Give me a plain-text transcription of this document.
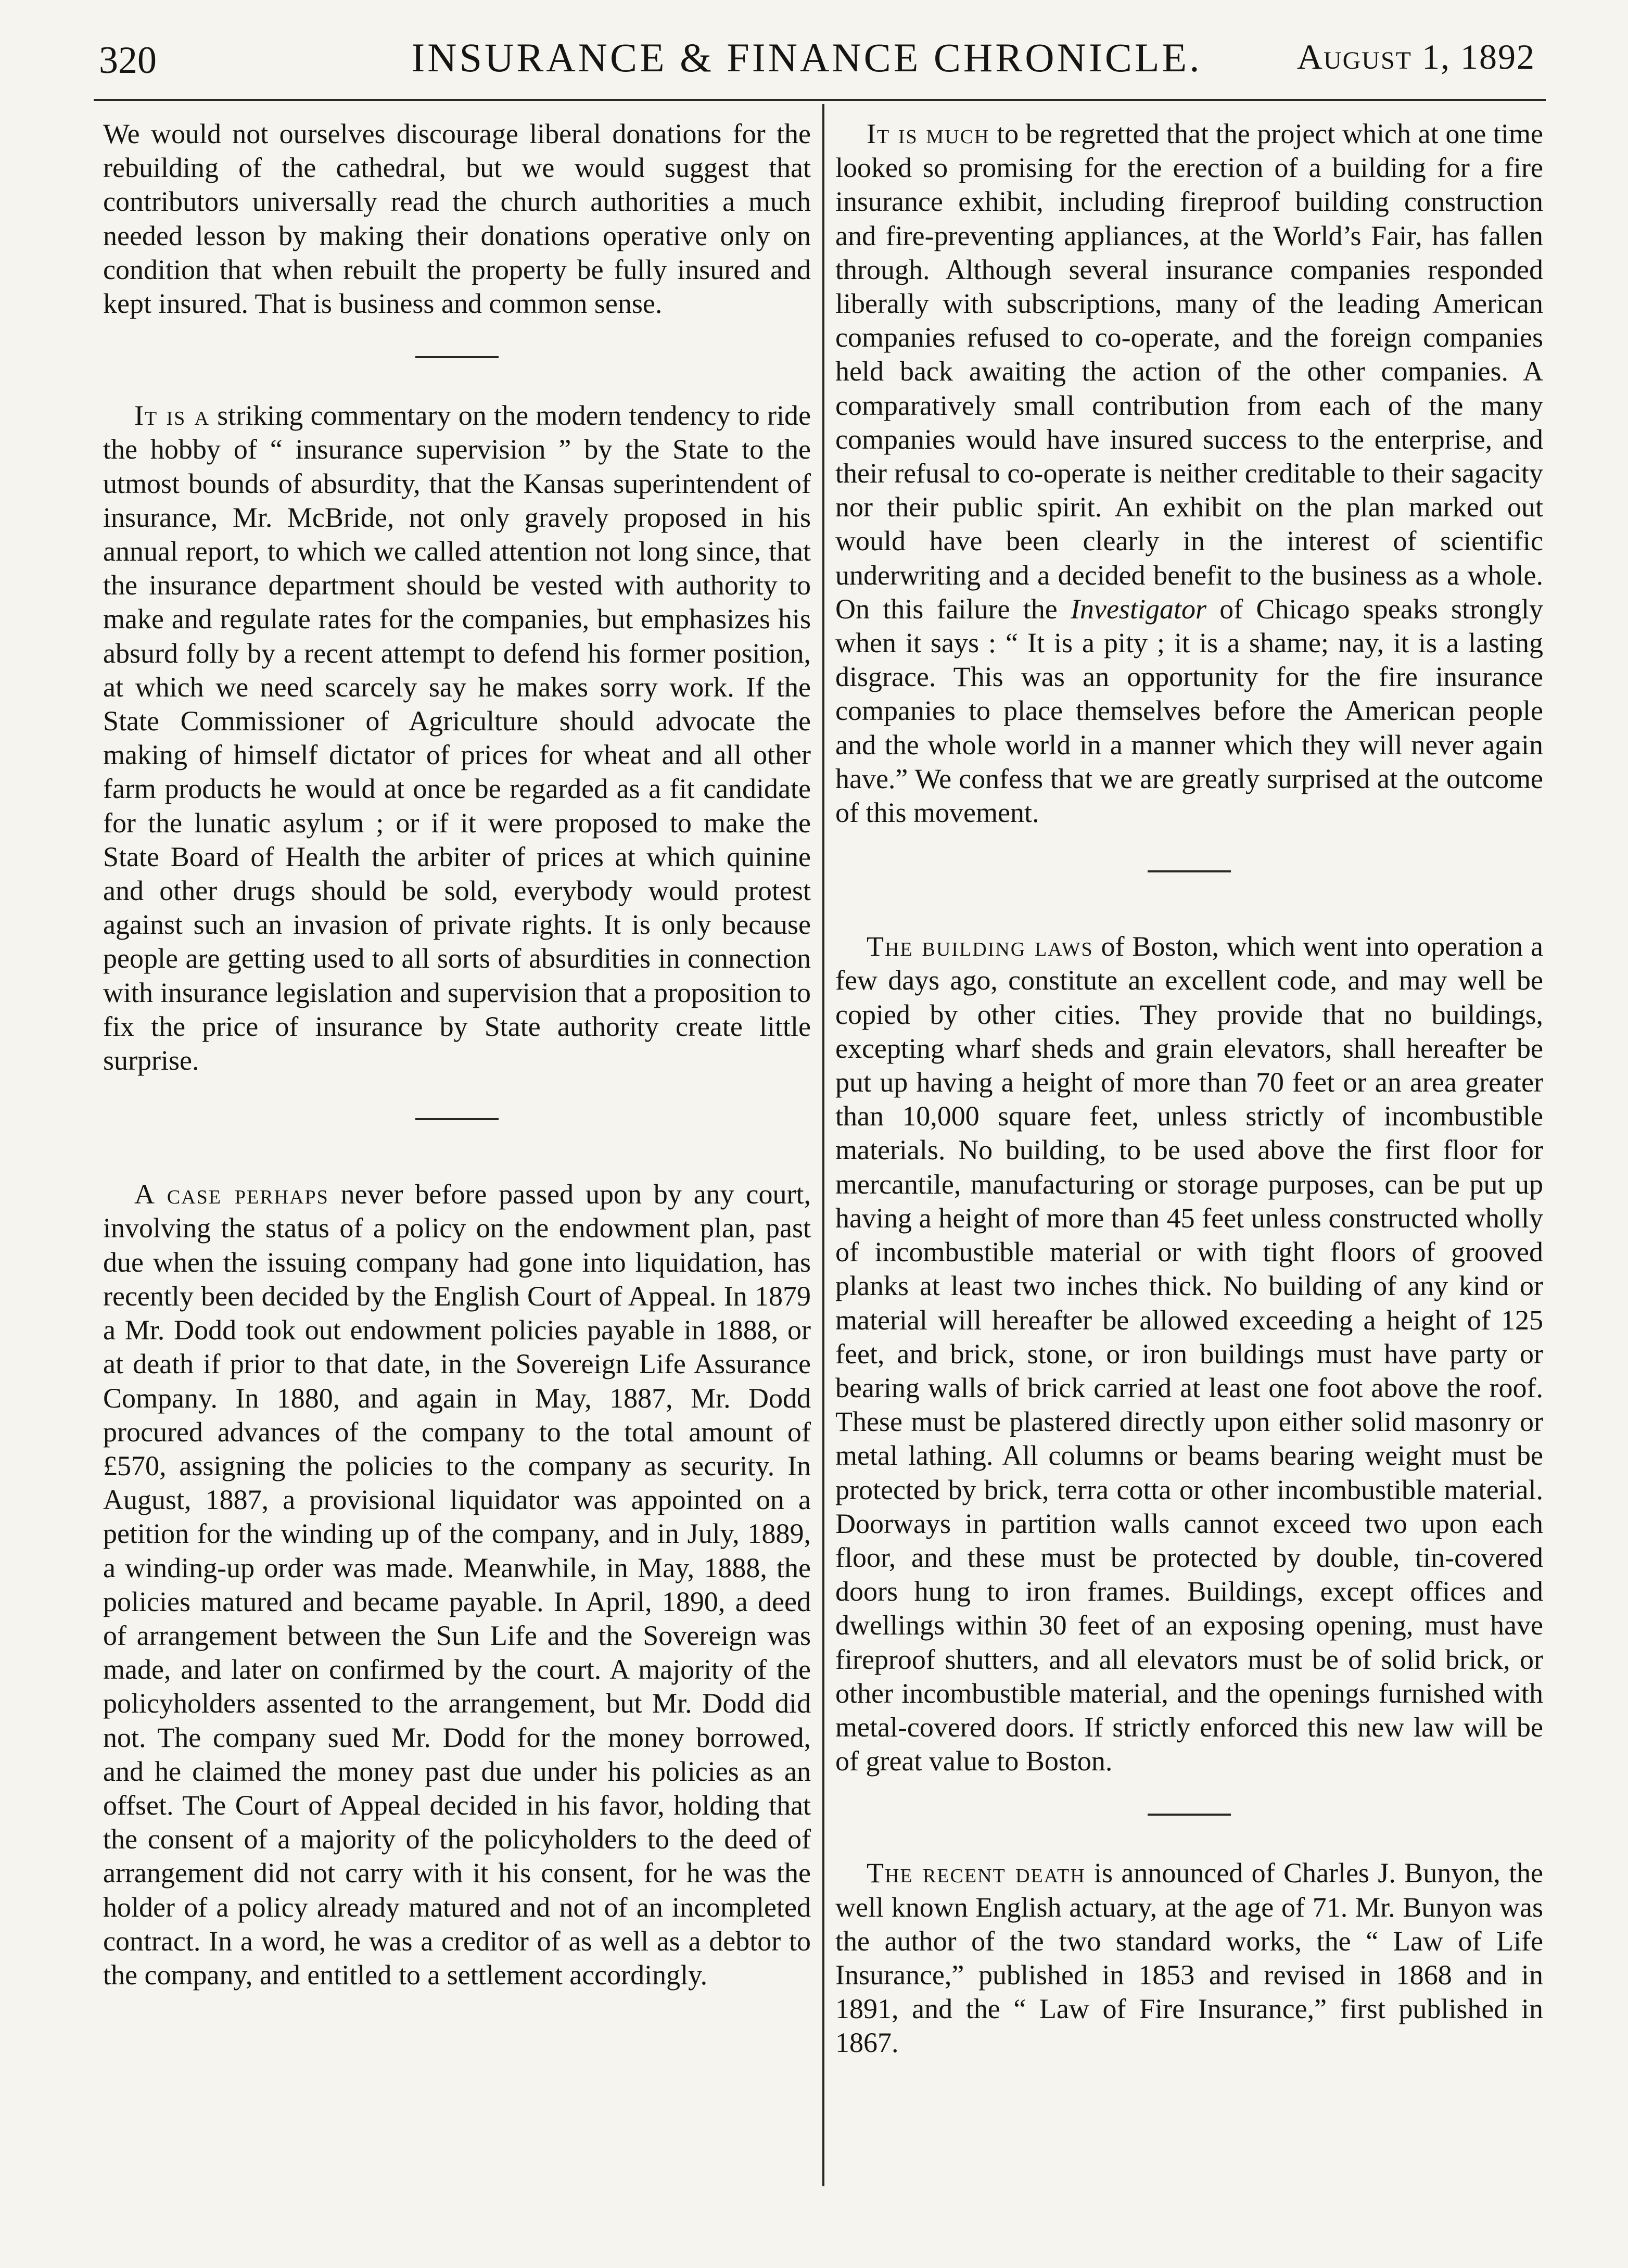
320	INSURANCE & FINANCE CHRONICLE.	August 1, 1892

We would not ourselves discourage liberal donations for the rebuilding of the cathedral, but we would suggest that contributors universally read the church authorities a much needed lesson by making their donations operative only on condition that when rebuilt the property be fully insured and kept insured. That is business and common sense.

It is a striking commentary on the modern tendency to ride the hobby of “ insurance supervision ” by the State to the utmost bounds of absurdity, that the Kansas superintendent of insurance, Mr. McBride, not only gravely proposed in his annual report, to which we called attention not long since, that the insurance department should be vested with authority to make and regulate rates for the companies, but emphasizes his absurd folly by a recent attempt to defend his former position, at which we need scarcely say he makes sorry work. If the State Commissioner of Agriculture should advocate the making of himself dictator of prices for wheat and all other farm products he would at once be regarded as a fit candidate for the lunatic asylum ; or if it were proposed to make the State Board of Health the arbiter of prices at which quinine and other drugs should be sold, everybody would protest against such an invasion of private rights. It is only because people are getting used to all sorts of absurdities in connection with insurance legislation and supervision that a proposition to fix the price of insurance by State authority create little surprise.

A case perhaps never before passed upon by any court, involving the status of a policy on the endowment plan, past due when the issuing company had gone into liquidation, has recently been decided by the English Court of Appeal. In 1879 a Mr. Dodd took out endowment policies payable in 1888, or at death if prior to that date, in the Sovereign Life Assurance Company. In 1880, and again in May, 1887, Mr. Dodd procured advances of the company to the total amount of £570, assigning the policies to the company as security. In August, 1887, a provisional liquidator was appointed on a petition for the winding up of the company, and in July, 1889, a winding-up order was made. Meanwhile, in May, 1888, the policies matured and became payable. In April, 1890, a deed of arrangement between the Sun Life and the Sovereign was made, and later on confirmed by the court. A majority of the policyholders assented to the arrangement, but Mr. Dodd did not. The company sued Mr. Dodd for the money borrowed, and he claimed the money past due under his policies as an offset. The Court of Appeal decided in his favor, holding that the consent of a majority of the policyholders to the deed of arrangement did not carry with it his consent, for he was the holder of a policy already matured and not of an incompleted contract. In a word, he was a creditor of as well as a debtor to the company, and entitled to a settlement accordingly.

It is much to be regretted that the project which at one time looked so promising for the erection of a building for a fire insurance exhibit, including fireproof building construction and fire-preventing appliances, at the World’s Fair, has fallen through. Although several insurance companies responded liberally with subscriptions, many of the leading American companies refused to co-operate, and the foreign companies held back awaiting the action of the other companies. A comparatively small contribution from each of the many companies would have insured success to the enterprise, and their refusal to co-operate is neither creditable to their sagacity nor their public spirit. An exhibit on the plan marked out would have been clearly in the interest of scientific underwriting and a decided benefit to the business as a whole. On this failure the Investigator of Chicago speaks strongly when it says : “ It is a pity ; it is a shame; nay, it is a lasting disgrace. This was an opportunity for the fire insurance companies to place themselves before the American people and the whole world in a manner which they will never again have.” We confess that we are greatly surprised at the outcome of this movement.

The building laws of Boston, which went into operation a few days ago, constitute an excellent code, and may well be copied by other cities. They provide that no buildings, excepting wharf sheds and grain elevators, shall hereafter be put up having a height of more than 70 feet or an area greater than 10,000 square feet, unless strictly of incombustible materials. No building, to be used above the first floor for mercantile, manufacturing or storage purposes, can be put up having a height of more than 45 feet unless constructed wholly of incombustible material or with tight floors of grooved planks at least two inches thick. No building of any kind or material will hereafter be allowed exceeding a height of 125 feet, and brick, stone, or iron buildings must have party or bearing walls of brick carried at least one foot above the roof. These must be plastered directly upon either solid masonry or metal lathing. All columns or beams bearing weight must be protected by brick, terra cotta or other incombustible material. Doorways in partition walls cannot exceed two upon each floor, and these must be protected by double, tin-covered doors hung to iron frames. Buildings, except offices and dwellings within 30 feet of an exposing opening, must have fireproof shutters, and all elevators must be of solid brick, or other incombustible material, and the openings furnished with metal-covered doors. If strictly enforced this new law will be of great value to Boston.

The recent death is announced of Charles J. Bunyon, the well known English actuary, at the age of 71. Mr. Bunyon was the author of the two standard works, the “ Law of Life Insurance,” published in 1853 and revised in 1868 and in 1891, and the “ Law of Fire Insurance,” first published in 1867.
